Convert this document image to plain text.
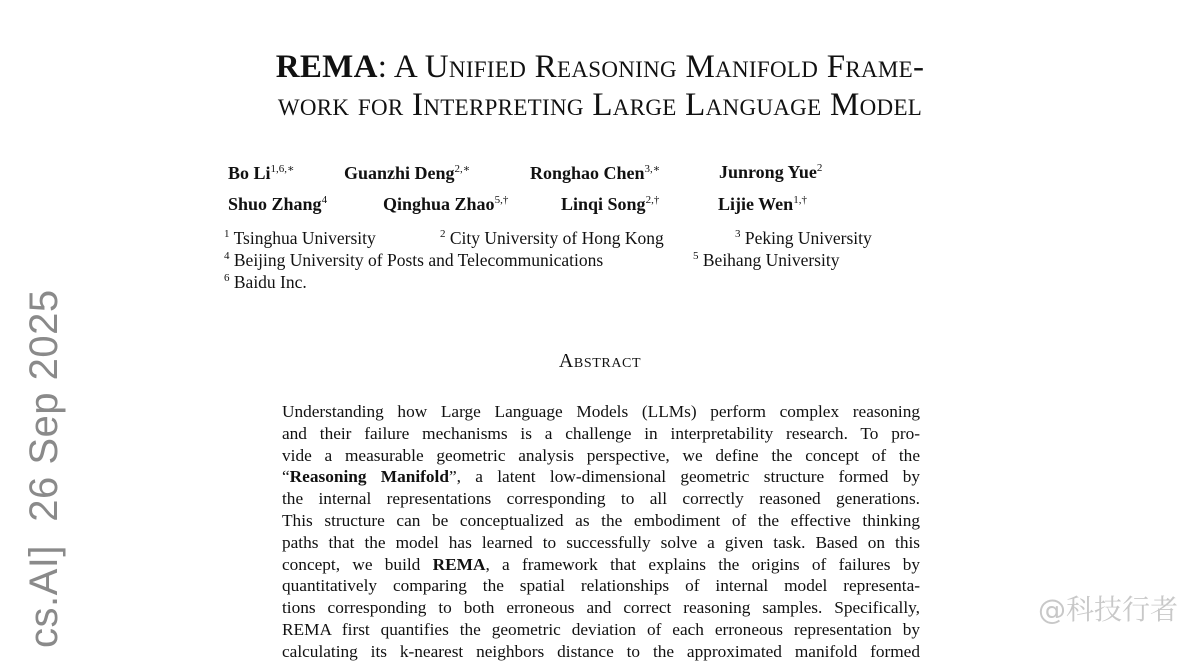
REMA: A Unified Reasoning Manifold Frame-
work for Interpreting Large Language Model
Bo $Li^{1,6,∗}$	Guanzhi Deng$^{2,∗}$	Ronghao Chen$^{3,∗}$	Junrong Yue$^2$
Shuo Zhang$^4$	Qinghua Zhao$^{5,\dagger}$	Linqi Song$^{2,\dagger}$	Lijie Wen$^{1,\dagger}$
$^1$ Tsinghua University	$^2$ City University of Hong Kong	$^3$ Peking University
$^4$ Beijing University of Posts and Telecommunications	$^5$ Beihang University
$^6$ Baidu Inc.
Abstract
Understanding how Large Language Models (LLMs) perform complex reasoning
and their failure mechanisms is a challenge in interpretability research. To pro-
vide a measurable geometric analysis perspective, we define the concept of the
“Reasoning Manifold”, a latent low-dimensional geometric structure formed by
the internal representations corresponding to all correctly reasoned generations.
This structure can be conceptualized as the embodiment of the effective thinking
paths that the model has learned to successfully solve a given task. Based on this
concept, we build REMA, a framework that explains the origins of failures by
quantitatively comparing the spatial relationships of internal model representa-
tions corresponding to both erroneous and correct reasoning samples. Specifically,
REMA first quantifies the geometric deviation of each erroneous representation by
calculating its k-nearest neighbors distance to the approximated manifold formed
cs.AI]  26 Sep 2025	@科技行者
